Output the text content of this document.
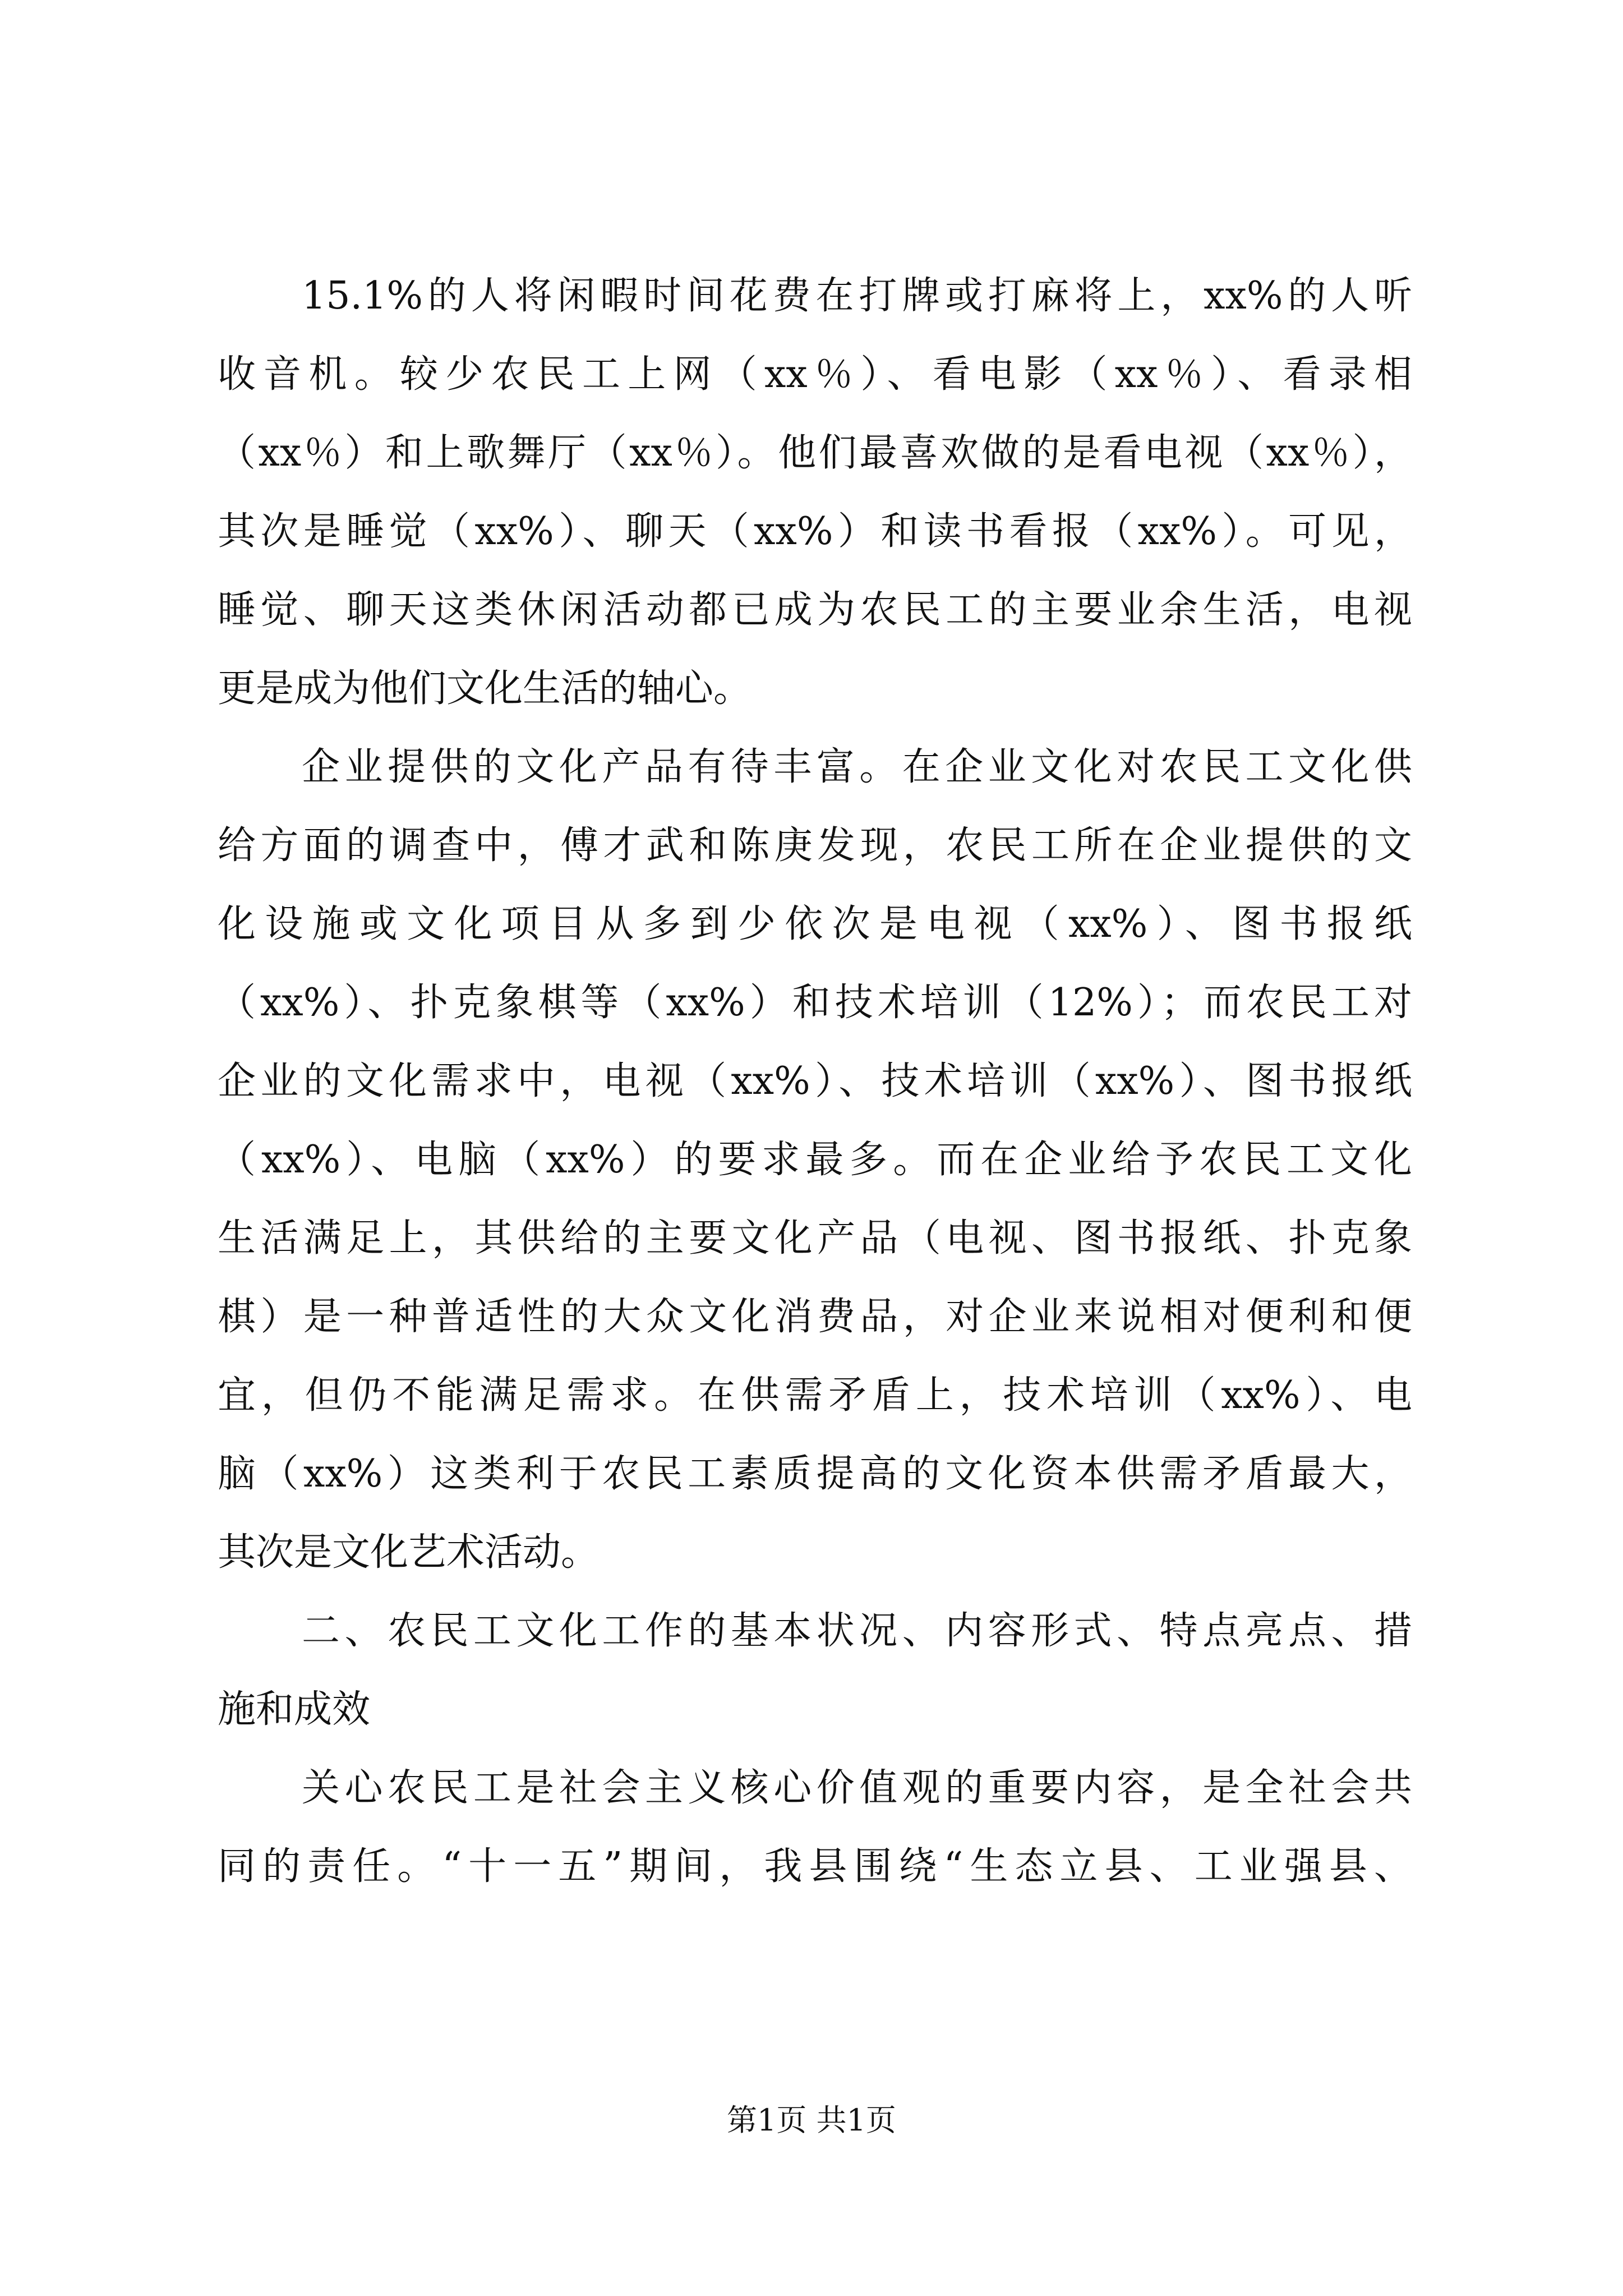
15.1%的人将闲暇时间花费在打牌或打麻将上，xx%的人听
收音机。较少农民工上网（xx％）、看电影（xx％）、看录相
（xx％）和上歌舞厅（xx％）。他们最喜欢做的是看电视（xx％），
其次是睡觉（xx%）、聊天（xx%）和读书看报（xx%）。可见，
睡觉、聊天这类休闲活动都已成为农民工的主要业余生活，电视
更是成为他们文化生活的轴心。
企业提供的文化产品有待丰富。在企业文化对农民工文化供
给方面的调查中，傅才武和陈庚发现，农民工所在企业提供的文
化设施或文化项目从多到少依次是电视（xx%）、图书报纸
（xx%）、扑克象棋等（xx%）和技术培训（12%）；而农民工对
企业的文化需求中，电视（xx%）、技术培训（xx%）、图书报纸
（xx%）、电脑（xx%）的要求最多。而在企业给予农民工文化
生活满足上，其供给的主要文化产品（电视、图书报纸、扑克象
棋）是一种普适性的大众文化消费品，对企业来说相对便利和便
宜，但仍不能满足需求。在供需矛盾上，技术培训（xx%）、电
脑（xx%）这类利于农民工素质提高的文化资本供需矛盾最大，
其次是文化艺术活动。
二、农民工文化工作的基本状况、内容形式、特点亮点、措
施和成效
关心农民工是社会主义核心价值观的重要内容，是全社会共
同的责任。“十一五”期间，我县围绕“生态立县、工业强县、
第1页 共1页
